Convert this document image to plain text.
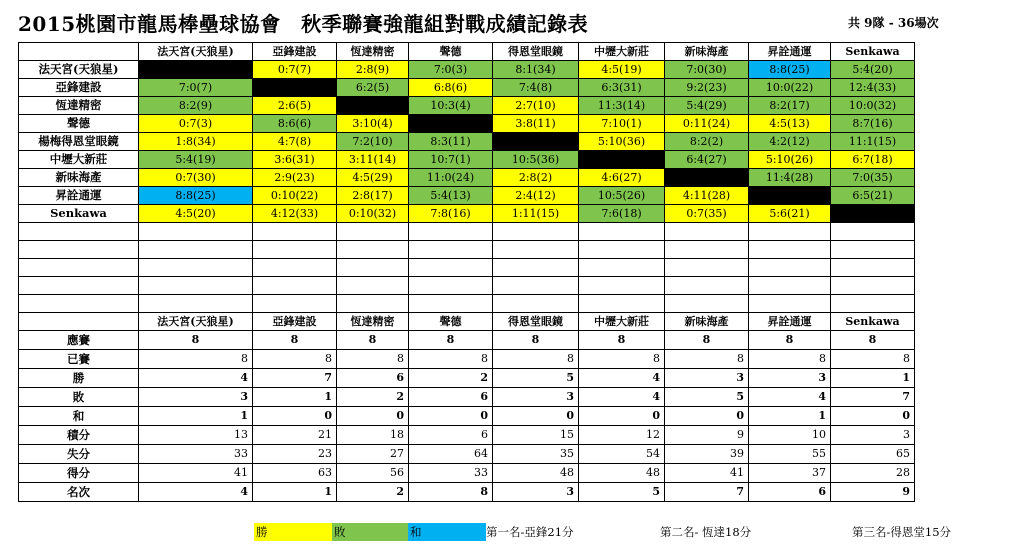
2015桃園市龍馬棒壘球協會　秋季聯賽強龍組對戰成績記錄表	共 9隊 - 36場次
	法天宮(天狼星)	亞鋒建設	恆達精密	聲德	得恩堂眼鏡	中壢大新莊	新味海產	昇詮通運	Senkawa
法天宮(天狼星)		0:7(7)	2:8(9)	7:0(3)	8:1(34)	4:5(19)	7:0(30)	8:8(25)	5:4(20)
亞鋒建設	7:0(7)		6:2(5)	6:8(6)	7:4(8)	6:3(31)	9:2(23)	10:0(22)	12:4(33)
恆達精密	8:2(9)	2:6(5)		10:3(4)	2:7(10)	11:3(14)	5:4(29)	8:2(17)	10:0(32)
聲德	0:7(3)	8:6(6)	3:10(4)		3:8(11)	7:10(1)	0:11(24)	4:5(13)	8:7(16)
楊梅得恩堂眼鏡	1:8(34)	4:7(8)	7:2(10)	8:3(11)		5:10(36)	8:2(2)	4:2(12)	11:1(15)
中壢大新莊	5:4(19)	3:6(31)	3:11(14)	10:7(1)	10:5(36)		6:4(27)	5:10(26)	6:7(18)
新味海產	0:7(30)	2:9(23)	4:5(29)	11:0(24)	2:8(2)	4:6(27)		11:4(28)	7:0(35)
昇詮通運	8:8(25)	0:10(22)	2:8(17)	5:4(13)	2:4(12)	10:5(26)	4:11(28)		6:5(21)
Senkawa	4:5(20)	4:12(33)	0:10(32)	7:8(16)	1:11(15)	7:6(18)	0:7(35)	5:6(21)	

	法天宮(天狼星)	亞鋒建設	恆達精密	聲德	得恩堂眼鏡	中壢大新莊	新味海產	昇詮通運	Senkawa
應賽	8	8	8	8	8	8	8	8	8
已賽	8	8	8	8	8	8	8	8	8
勝	4	7	6	2	5	4	3	3	1
敗	3	1	2	6	3	4	5	4	7
和	1	0	0	0	0	0	0	1	0
積分	13	21	18	6	15	12	9	10	3
失分	33	23	27	64	35	54	39	55	65
得分	41	63	56	33	48	48	41	37	28
名次	4	1	2	8	3	5	7	6	9
勝	敗	和	第一名-亞鋒21分	第二名- 恆達18分	第三名-得恩堂15分
